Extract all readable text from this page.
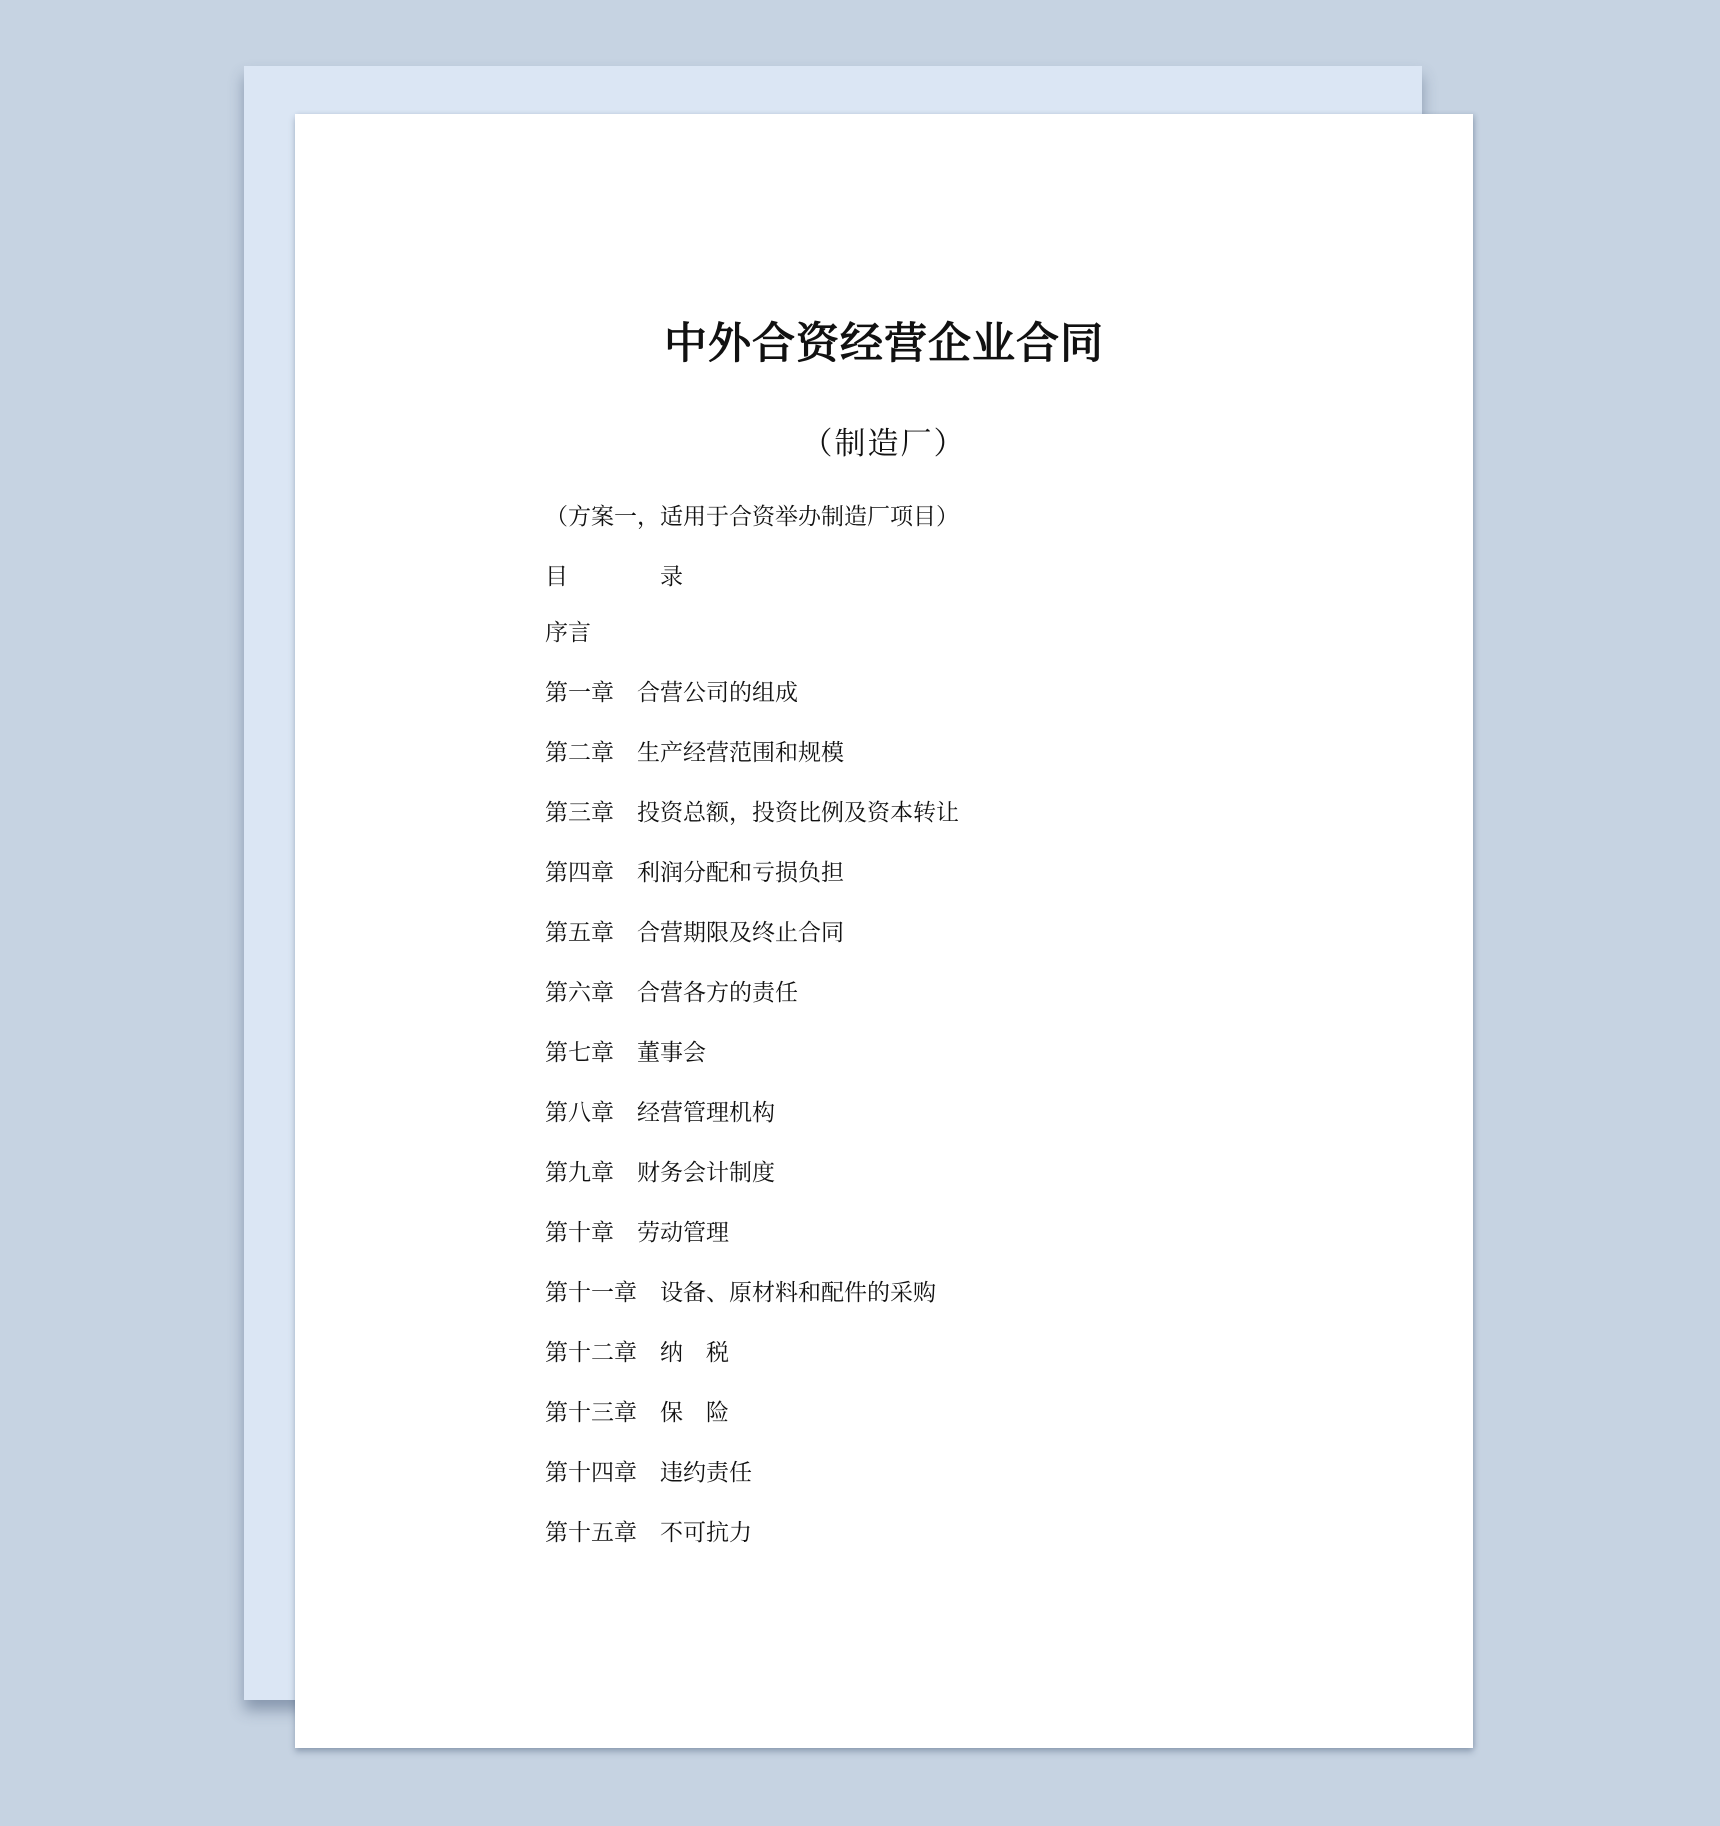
中外合资经营企业合同
（制造厂）
（方案一，适用于合资举办制造厂项目）
目　　　　录
序言
第一章　合营公司的组成
第二章　生产经营范围和规模
第三章　投资总额，投资比例及资本转让
第四章　利润分配和亏损负担
第五章　合营期限及终止合同
第六章　合营各方的责任
第七章　董事会
第八章　经营管理机构
第九章　财务会计制度
第十章　劳动管理
第十一章　设备、原材料和配件的采购
第十二章　纳　税
第十三章　保　险
第十四章　违约责任
第十五章　不可抗力
